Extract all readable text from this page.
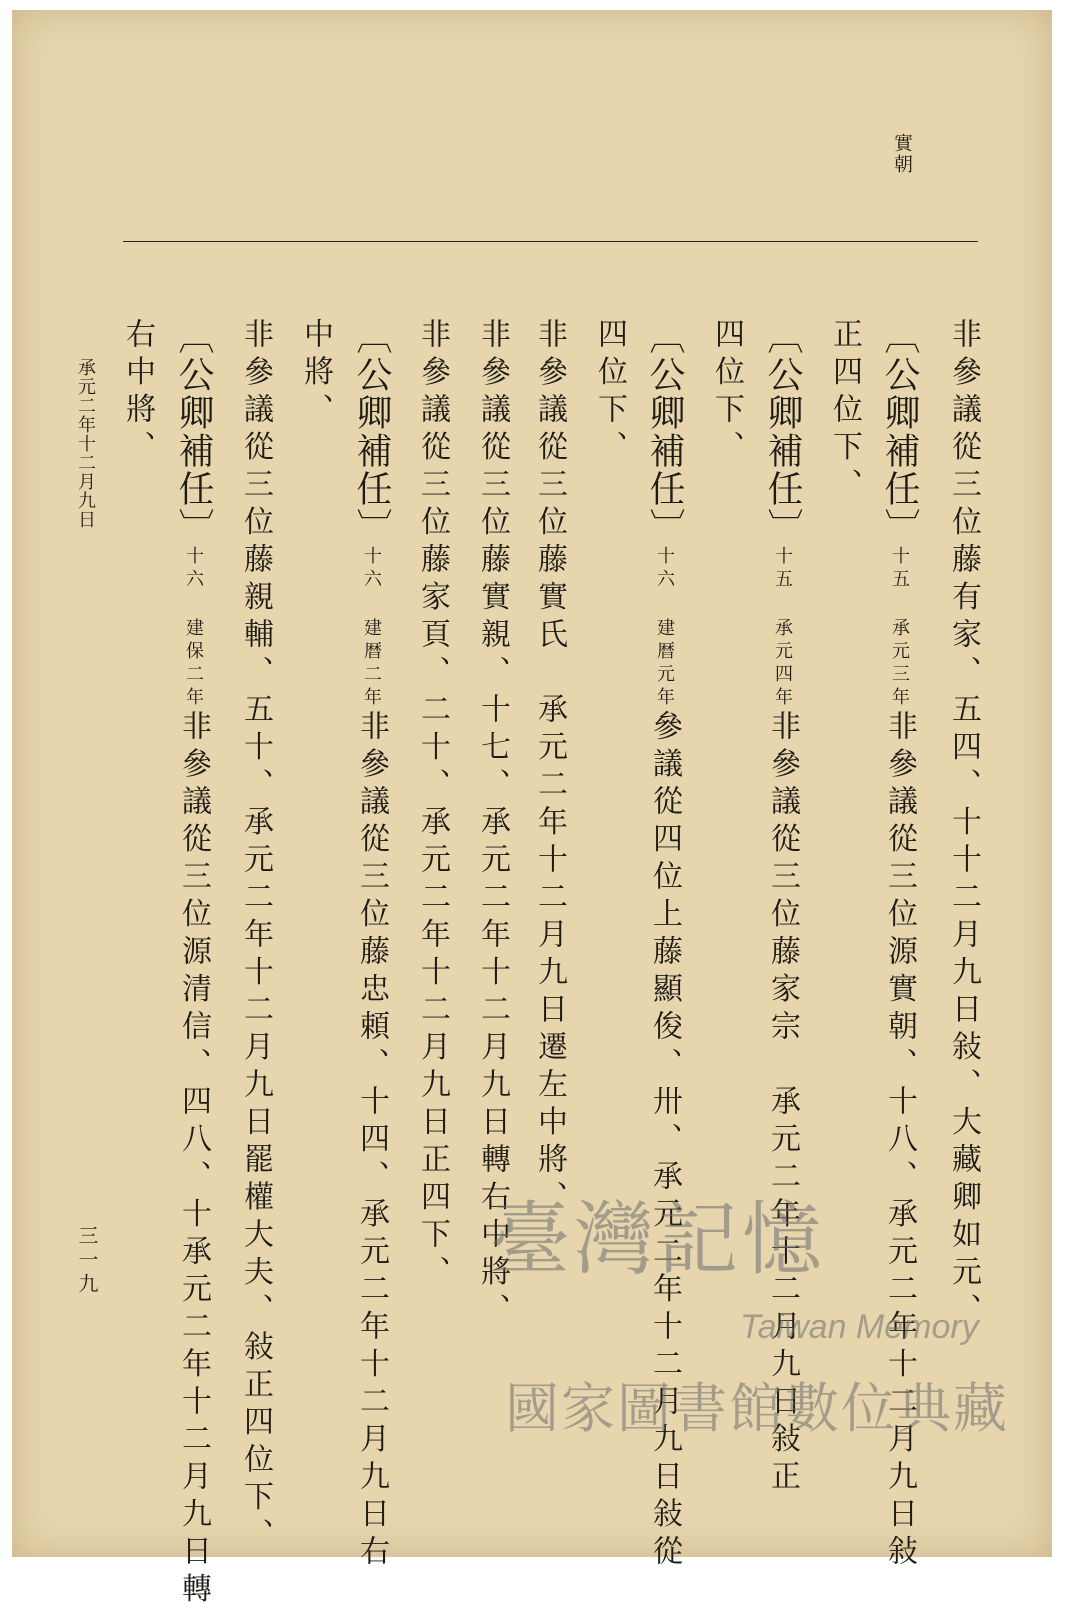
實朝
非參議從三位藤有家、五四、十十二月九日敍、大藏卿如元、
〔公卿補任〕十五 承元三年非參議從三位源實朝、十八、承元二年十二月九日敍
正四位下、
〔公卿補任〕十五 承元四年非參議從三位藤家宗　承元二年十二月九日敍正
四位下、
〔公卿補任〕十六 建暦元年參議從四位上藤顯俊、卅、承元二年十二月九日敍從
四位下、
非參議從三位藤實氏　承元二年十二月九日遷左中將、
非參議從三位藤實親、十七、承元二年十二月九日轉右中將、
非參議從三位藤家頁、二十、承元二年十二月九日正四下、
〔公卿補任〕十六 建暦二年非參議從三位藤忠頼、十四、承元二年十二月九日右
中將、
非參議從三位藤親輔、五十、承元二年十二月九日罷權大夫、敍正四位下、
〔公卿補任〕十六 建保二年非參議從三位源清信、四八、十承元二年十二月九日轉
右中將、
承元二年十二月九日
三一九	臺灣記憶
Taiwan Memory
國家圖書館數位典藏
